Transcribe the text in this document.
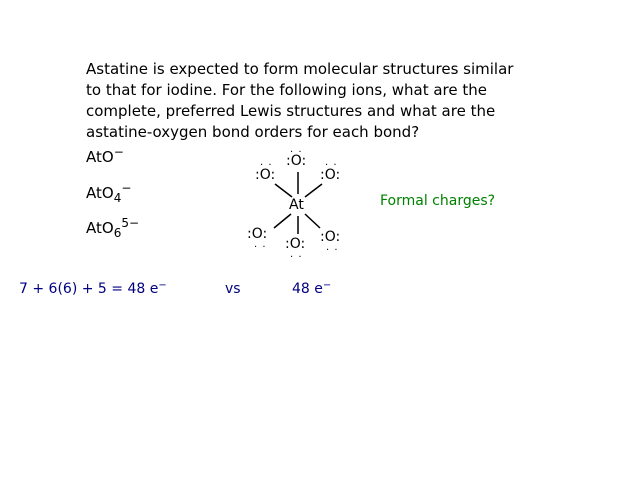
Astatine is expected to form molecular structures similar
to that for iodine. For the following ions, what are the
complete, preferred Lewis structures and what are the
astatine-oxygen bond orders for each bond?
AtO−
AtO$_4$−
AtO$_6^{5-}$
At
. .
:O:
. .
:O:
. .
:O:
:O:
. . :O:
. .
:O:
. .
Formal charges?
7 + 6(6) + 5 = 48 e−	vs	48 e−
